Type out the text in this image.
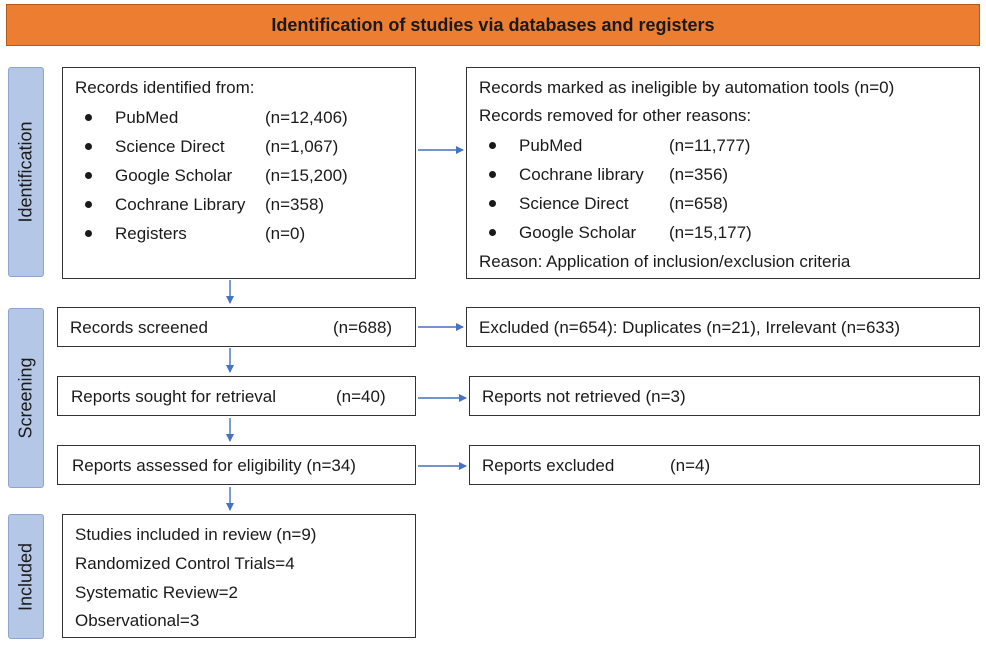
Identification of studies via databases and registers
Identification
Screening
Included
Records identified from:
PubMed	(n=12,406)
Science Direct (n=1,067)
Google Scholar (n=15,200)
Cochrane Library (n=358)
Registers	(n=0)
Records marked as ineligible by automation tools (n=0)
Records removed for other reasons:
PubMed	(n=11,777)
Cochrane library (n=356)
Science Direct (n=658)
Google Scholar (n=15,177)
Reason: Application of inclusion/exclusion criteria
Records screened	(n=688)	Excluded (n=654): Duplicates (n=21), Irrelevant (n=633)
Reports sought for retrieval	(n=40)	Reports not retrieved (n=3)
Reports assessed for eligibility (n=34)	Reports excluded	(n=4)
Studies included in review (n=9)
Randomized Control Trials=4
Systematic Review=2
Observational=3
